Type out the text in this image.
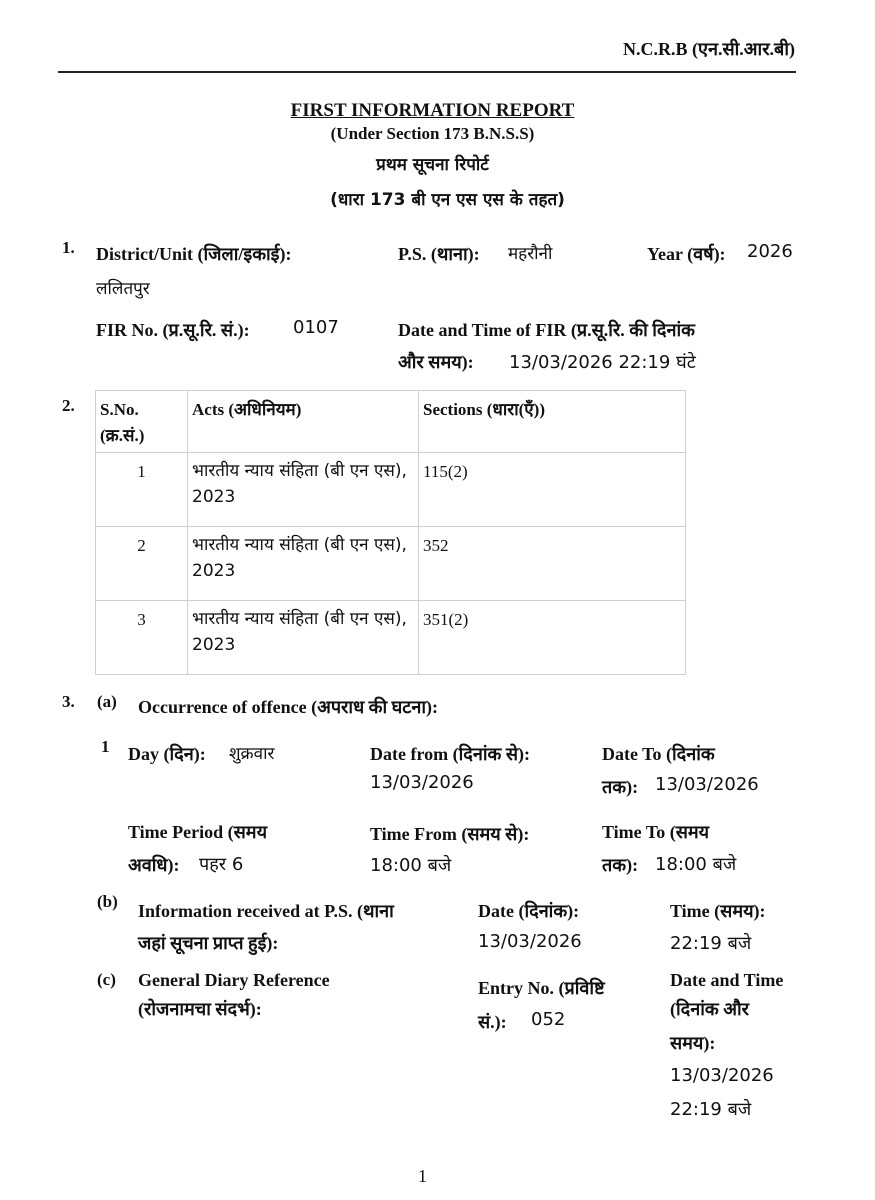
N.C.R.B (एन.सी.आर.बी)
FIRST INFORMATION REPORT
(Under Section 173 B.N.S.S)
प्रथम सूचना रिपोर्ट
(धारा 173 बी एन एस एस के तहत)
1. District/Unit (जिला/इकाई):
ललितपुर
P.S. (थाना): महरौनी	Year (वर्ष): 2026
FIR No. (प्र.सू.रि. सं.): 0107	Date and Time of FIR (प्र.सू.रि. की दिनांक
और समय): 13/03/2026 22:19 घंटे
2. S.No.
(क्र.सं.)	Acts (अधिनियम)	Sections (धारा(एँ))
1	भारतीय न्याय संहिता (बी एन एस), 2023	115(2)
2	भारतीय न्याय संहिता (बी एन एस), 2023	352
3	भारतीय न्याय संहिता (बी एन एस), 2023	351(2)
3. (a) Occurrence of offence (अपराध की घटना):
1 Day (दिन): शुक्रवार	Date from (दिनांक से):
13/03/2026
Date To (दिनांक
तक): 13/03/2026
Time Period (समय
अवधि): पहर 6
Time From (समय से):
18:00 बजे
Time To (समय
तक): 18:00 बजे
(b) Information received at P.S. (थाना
जहां सूचना प्राप्त हुई):
Date (दिनांक):
13/03/2026
Time (समय):
22:19 बजे
(c) General Diary Reference
(रोजनामचा संदर्भ):
Entry No. (प्रविष्टि
सं.): 052
Date and Time
(दिनांक और
समय):
13/03/2026
22:19 बजे
1
